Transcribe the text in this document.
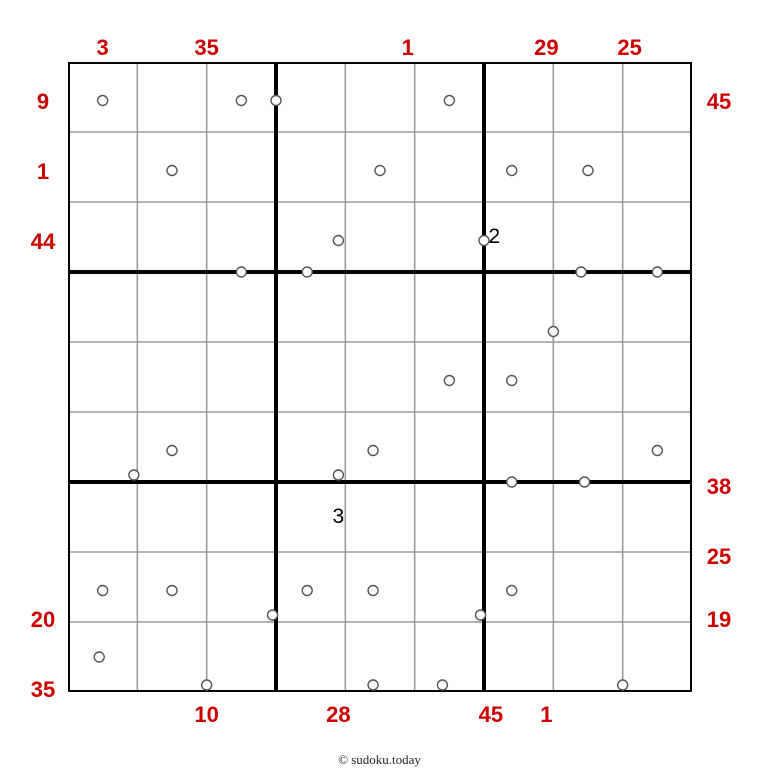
3	35	1	29	25
10	28	45	1
9
1
44
20
35
45
38
25
19
2
3
© sudoku.today
